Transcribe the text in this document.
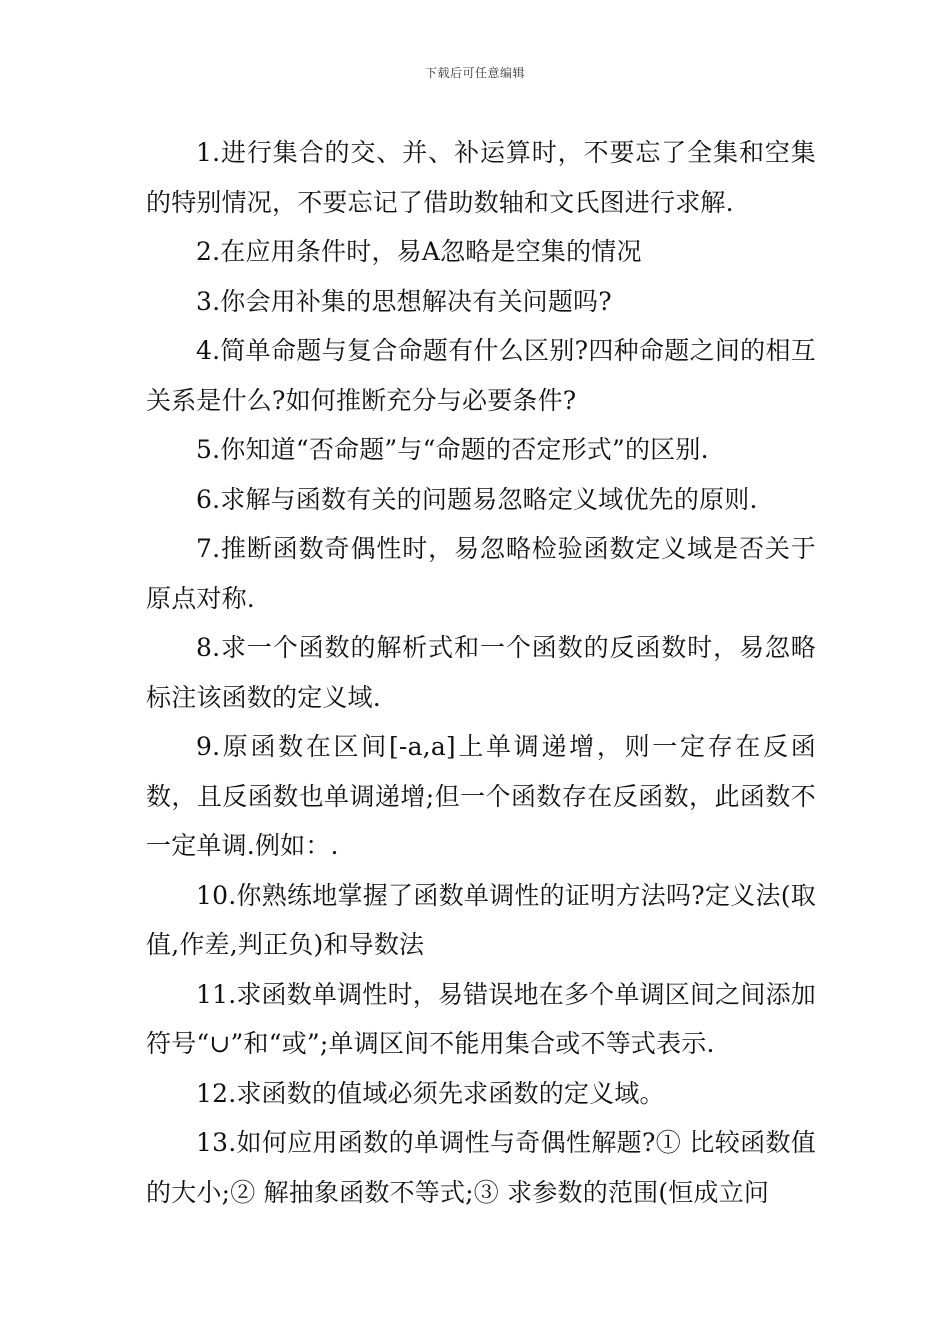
下载后可任意编辑

1.进行集合的交、并、补运算时，不要忘了全集和空集的特别情况，不要忘记了借助数轴和文氏图进行求解.

2.在应用条件时，易A忽略是空集的情况

3.你会用补集的思想解决有关问题吗?

4.简单命题与复合命题有什么区别?四种命题之间的相互关系是什么?如何推断充分与必要条件?

5.你知道“否命题”与“命题的否定形式”的区别.

6.求解与函数有关的问题易忽略定义域优先的原则.

7.推断函数奇偶性时，易忽略检验函数定义域是否关于原点对称.

8.求一个函数的解析式和一个函数的反函数时，易忽略标注该函数的定义域.

9.原函数在区间[-a,a]上单调递增，则一定存在反函数，且反函数也单调递增;但一个函数存在反函数，此函数不一定单调.例如：.

10.你熟练地掌握了函数单调性的证明方法吗?定义法(取值,作差,判正负)和导数法

11.求函数单调性时，易错误地在多个单调区间之间添加符号“∪”和“或”;单调区间不能用集合或不等式表示.

12.求函数的值域必须先求函数的定义域。

13.如何应用函数的单调性与奇偶性解题?① 比较函数值的大小;② 解抽象函数不等式;③ 求参数的范围(恒成立问
